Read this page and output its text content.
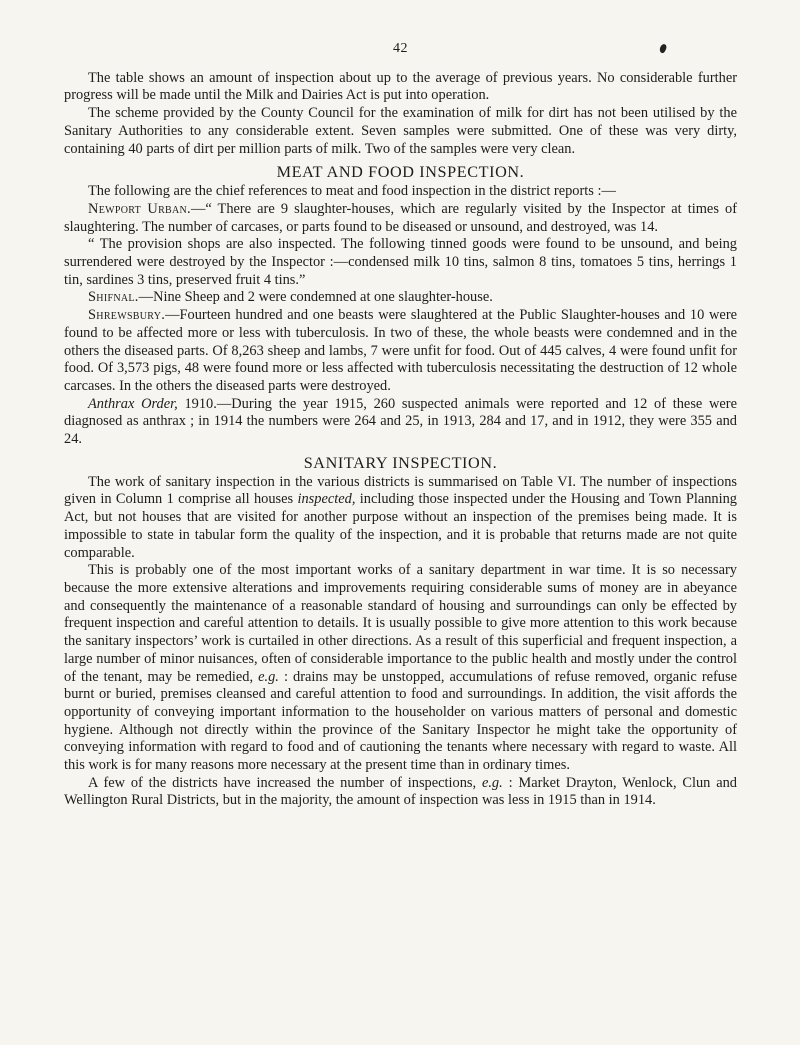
42

The table shows an amount of inspection about up to the average of previous years. No considerable further progress will be made until the Milk and Dairies Act is put into operation.

The scheme provided by the County Council for the examination of milk for dirt has not been utilised by the Sanitary Authorities to any considerable extent. Seven samples were submitted. One of these was very dirty, containing 40 parts of dirt per million parts of milk. Two of the samples were very clean.

MEAT AND FOOD INSPECTION.

The following are the chief references to meat and food inspection in the district reports :—

Newport Urban.—“ There are 9 slaughter-houses, which are regularly visited by the Inspector at times of slaughtering. The number of carcases, or parts found to be diseased or unsound, and destroyed, was 14.

“ The provision shops are also inspected. The following tinned goods were found to be unsound, and being surrendered were destroyed by the Inspector :—condensed milk 10 tins, salmon 8 tins, tomatoes 5 tins, herrings 1 tin, sardines 3 tins, preserved fruit 4 tins.”

Shifnal.—Nine Sheep and 2 were condemned at one slaughter-house.

Shrewsbury.—Fourteen hundred and one beasts were slaughtered at the Public Slaughter-houses and 10 were found to be affected more or less with tuberculosis. In two of these, the whole beasts were condemned and in the others the diseased parts. Of 8,263 sheep and lambs, 7 were unfit for food. Out of 445 calves, 4 were found unfit for food. Of 3,573 pigs, 48 were found more or less affected with tuberculosis necessitating the destruction of 12 whole carcases. In the others the diseased parts were destroyed.

Anthrax Order, 1910.—During the year 1915, 260 suspected animals were reported and 12 of these were diagnosed as anthrax ; in 1914 the numbers were 264 and 25, in 1913, 284 and 17, and in 1912, they were 355 and 24.

SANITARY INSPECTION.

The work of sanitary inspection in the various districts is summarised on Table VI. The number of inspections given in Column 1 comprise all houses inspected, including those inspected under the Housing and Town Planning Act, but not houses that are visited for another purpose without an inspection of the premises being made. It is impossible to state in tabular form the quality of the inspection, and it is probable that returns made are not quite comparable.

This is probably one of the most important works of a sanitary department in war time. It is so necessary because the more extensive alterations and improvements requiring considerable sums of money are in abeyance and consequently the maintenance of a reasonable standard of housing and surroundings can only be effected by frequent inspection and careful attention to details. It is usually possible to give more attention to this work because the sanitary inspectors’ work is curtailed in other directions. As a result of this superficial and frequent inspection, a large number of minor nuisances, often of considerable importance to the public health and mostly under the control of the tenant, may be remedied, e.g. : drains may be unstopped, accumulations of refuse removed, organic refuse burnt or buried, premises cleansed and careful attention to food and surroundings. In addition, the visit affords the opportunity of conveying important information to the householder on various matters of personal and domestic hygiene. Although not directly within the province of the Sanitary Inspector he might take the opportunity of conveying information with regard to food and of cautioning the tenants where necessary with regard to waste. All this work is for many reasons more necessary at the present time than in ordinary times.

A few of the districts have increased the number of inspections, e.g. : Market Drayton, Wenlock, Clun and Wellington Rural Districts, but in the majority, the amount of inspection was less in 1915 than in 1914.
